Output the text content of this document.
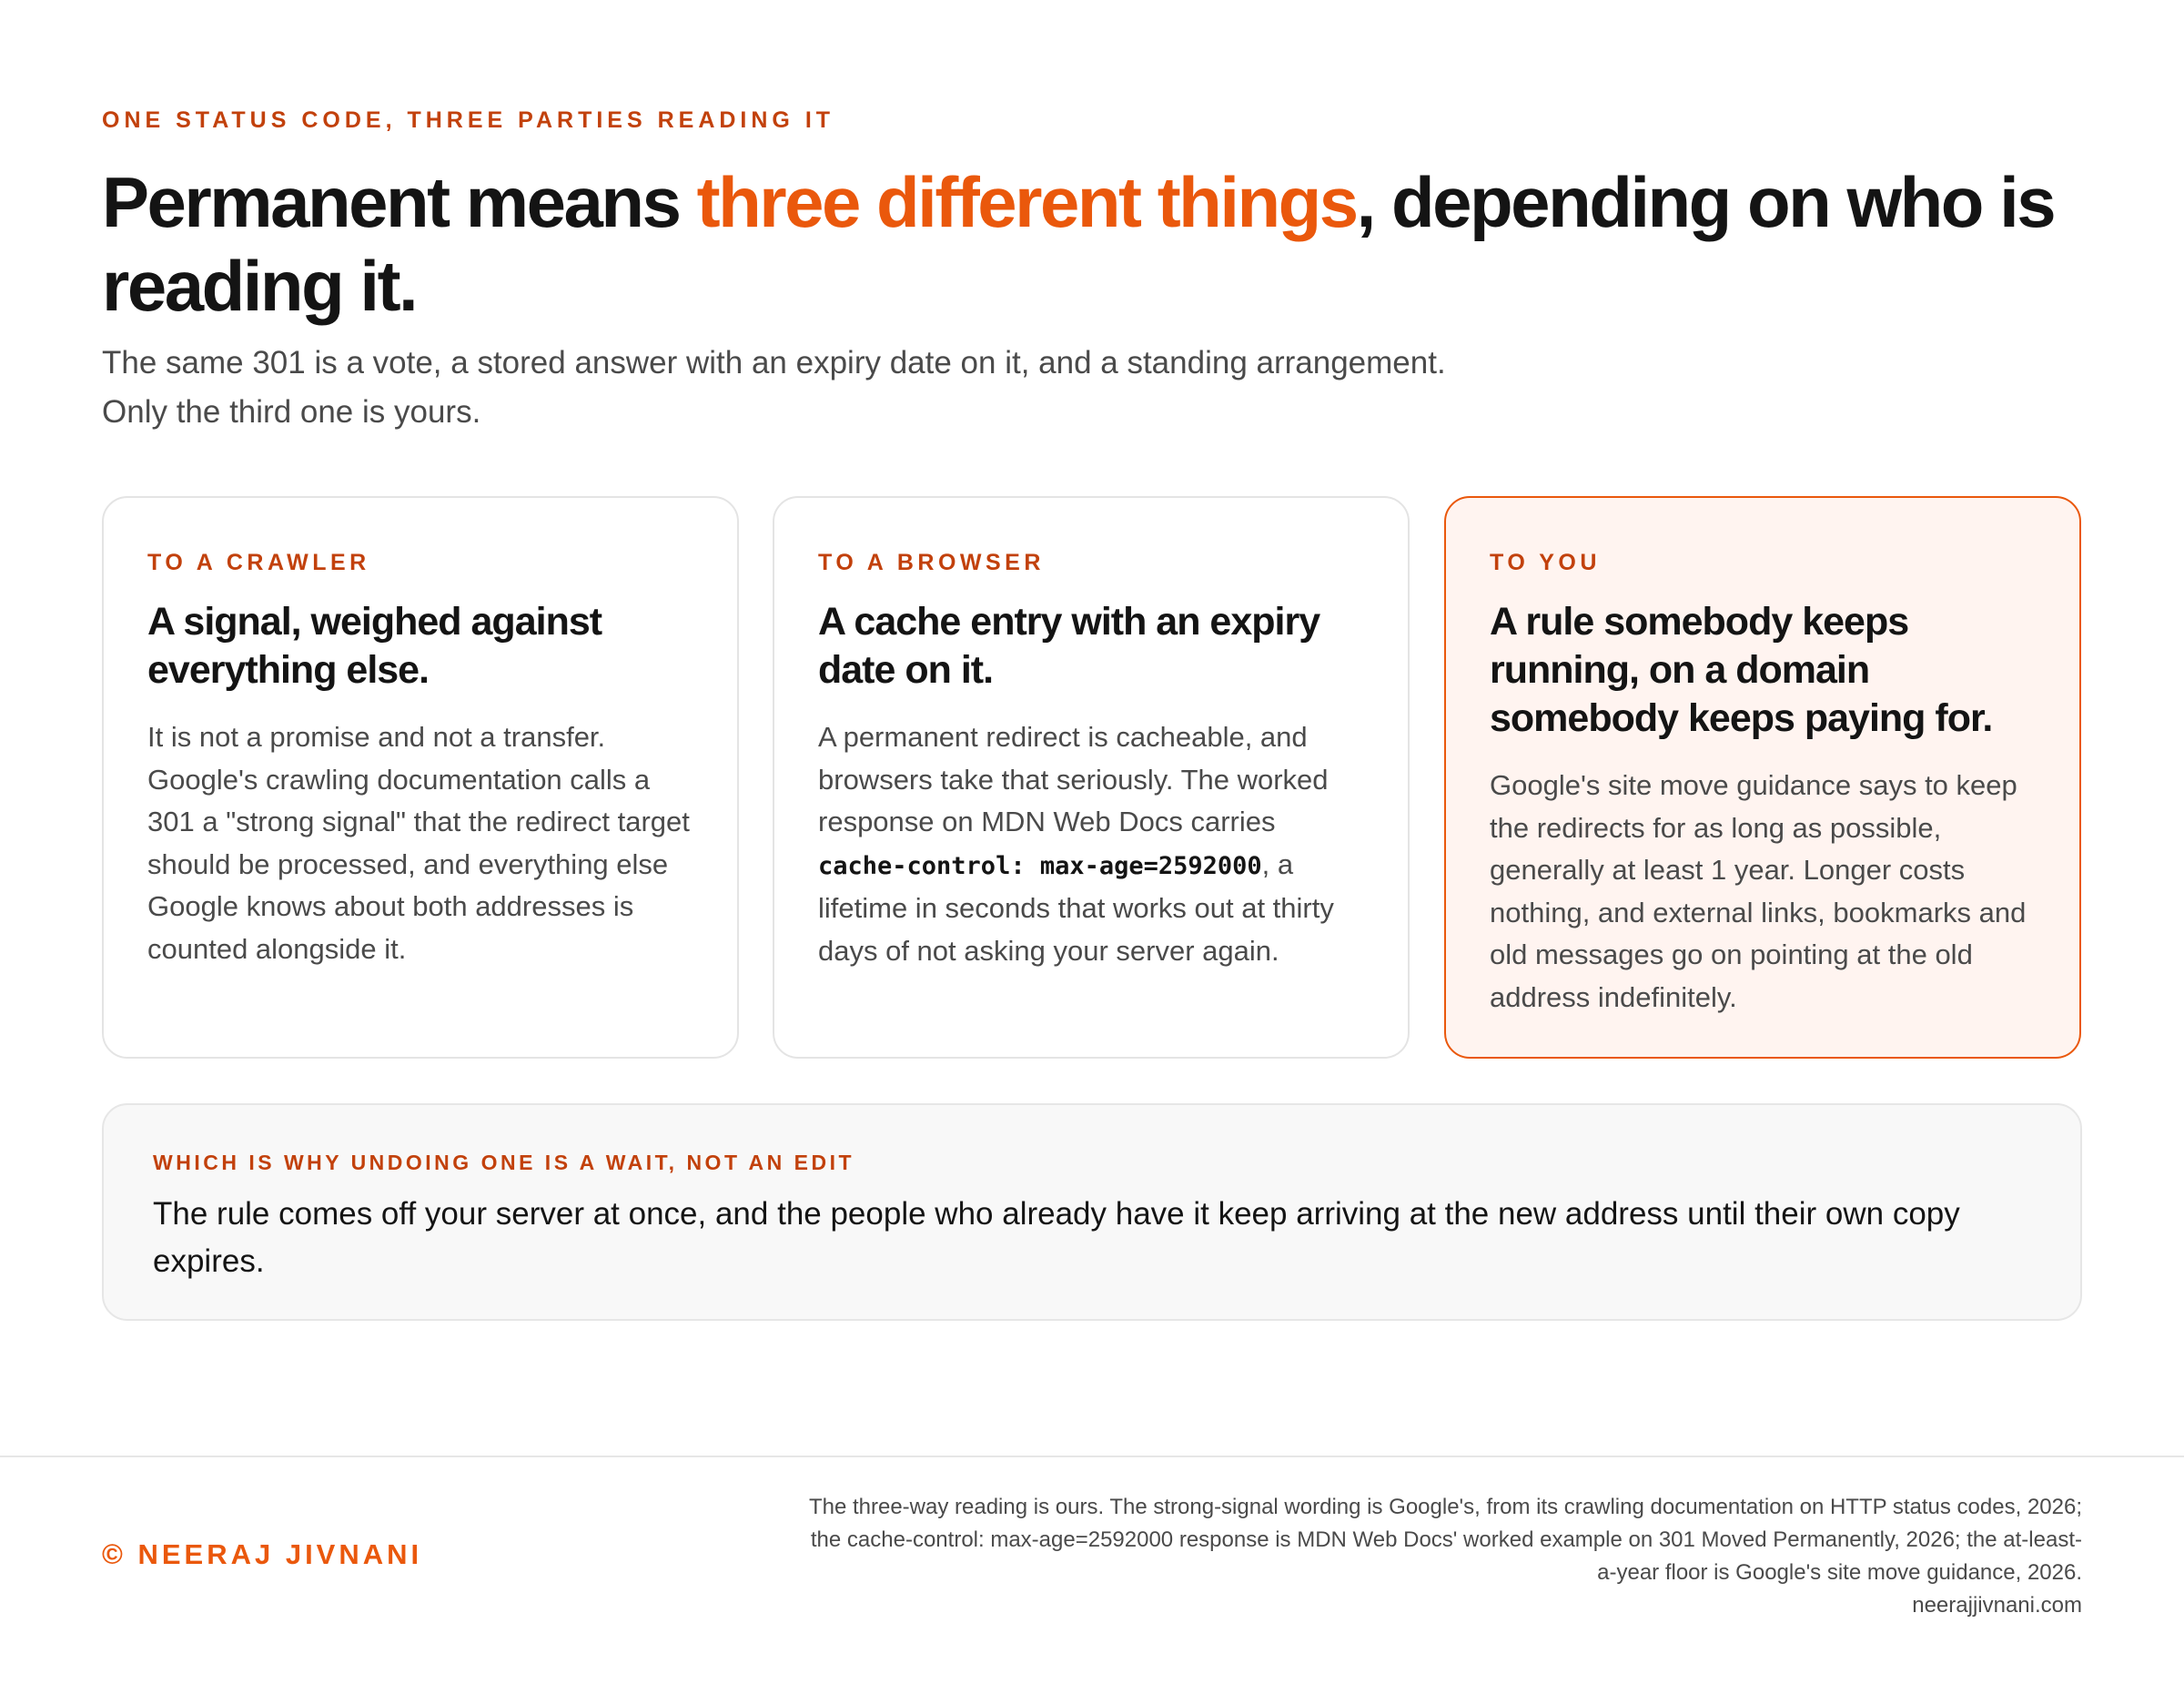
ONE STATUS CODE, THREE PARTIES READING IT
Permanent means three different things, depending on who is reading it.
The same 301 is a vote, a stored answer with an expiry date on it, and a standing arrangement.
Only the third one is yours.
TO A CRAWLER
A signal, weighed against everything else.
It is not a promise and not a transfer. Google's crawling documentation calls a 301 a "strong signal" that the redirect target should be processed, and everything else Google knows about both addresses is counted alongside it.
TO A BROWSER
A cache entry with an expiry date on it.
A permanent redirect is cacheable, and browsers take that seriously. The worked response on MDN Web Docs carries cache-control: max-age=2592000, a lifetime in seconds that works out at thirty days of not asking your server again.
TO YOU
A rule somebody keeps running, on a domain somebody keeps paying for.
Google's site move guidance says to keep the redirects for as long as possible, generally at least 1 year. Longer costs nothing, and external links, bookmarks and old messages go on pointing at the old address indefinitely.
WHICH IS WHY UNDOING ONE IS A WAIT, NOT AN EDIT
The rule comes off your server at once, and the people who already have it keep arriving at the new address until their own copy expires.
© NEERAJ JIVNANI
The three-way reading is ours. The strong-signal wording is Google's, from its crawling documentation on HTTP status codes, 2026; the cache-control: max-age=2592000 response is MDN Web Docs' worked example on 301 Moved Permanently, 2026; the at-least-a-year floor is Google's site move guidance, 2026.
neerajjivnani.com
